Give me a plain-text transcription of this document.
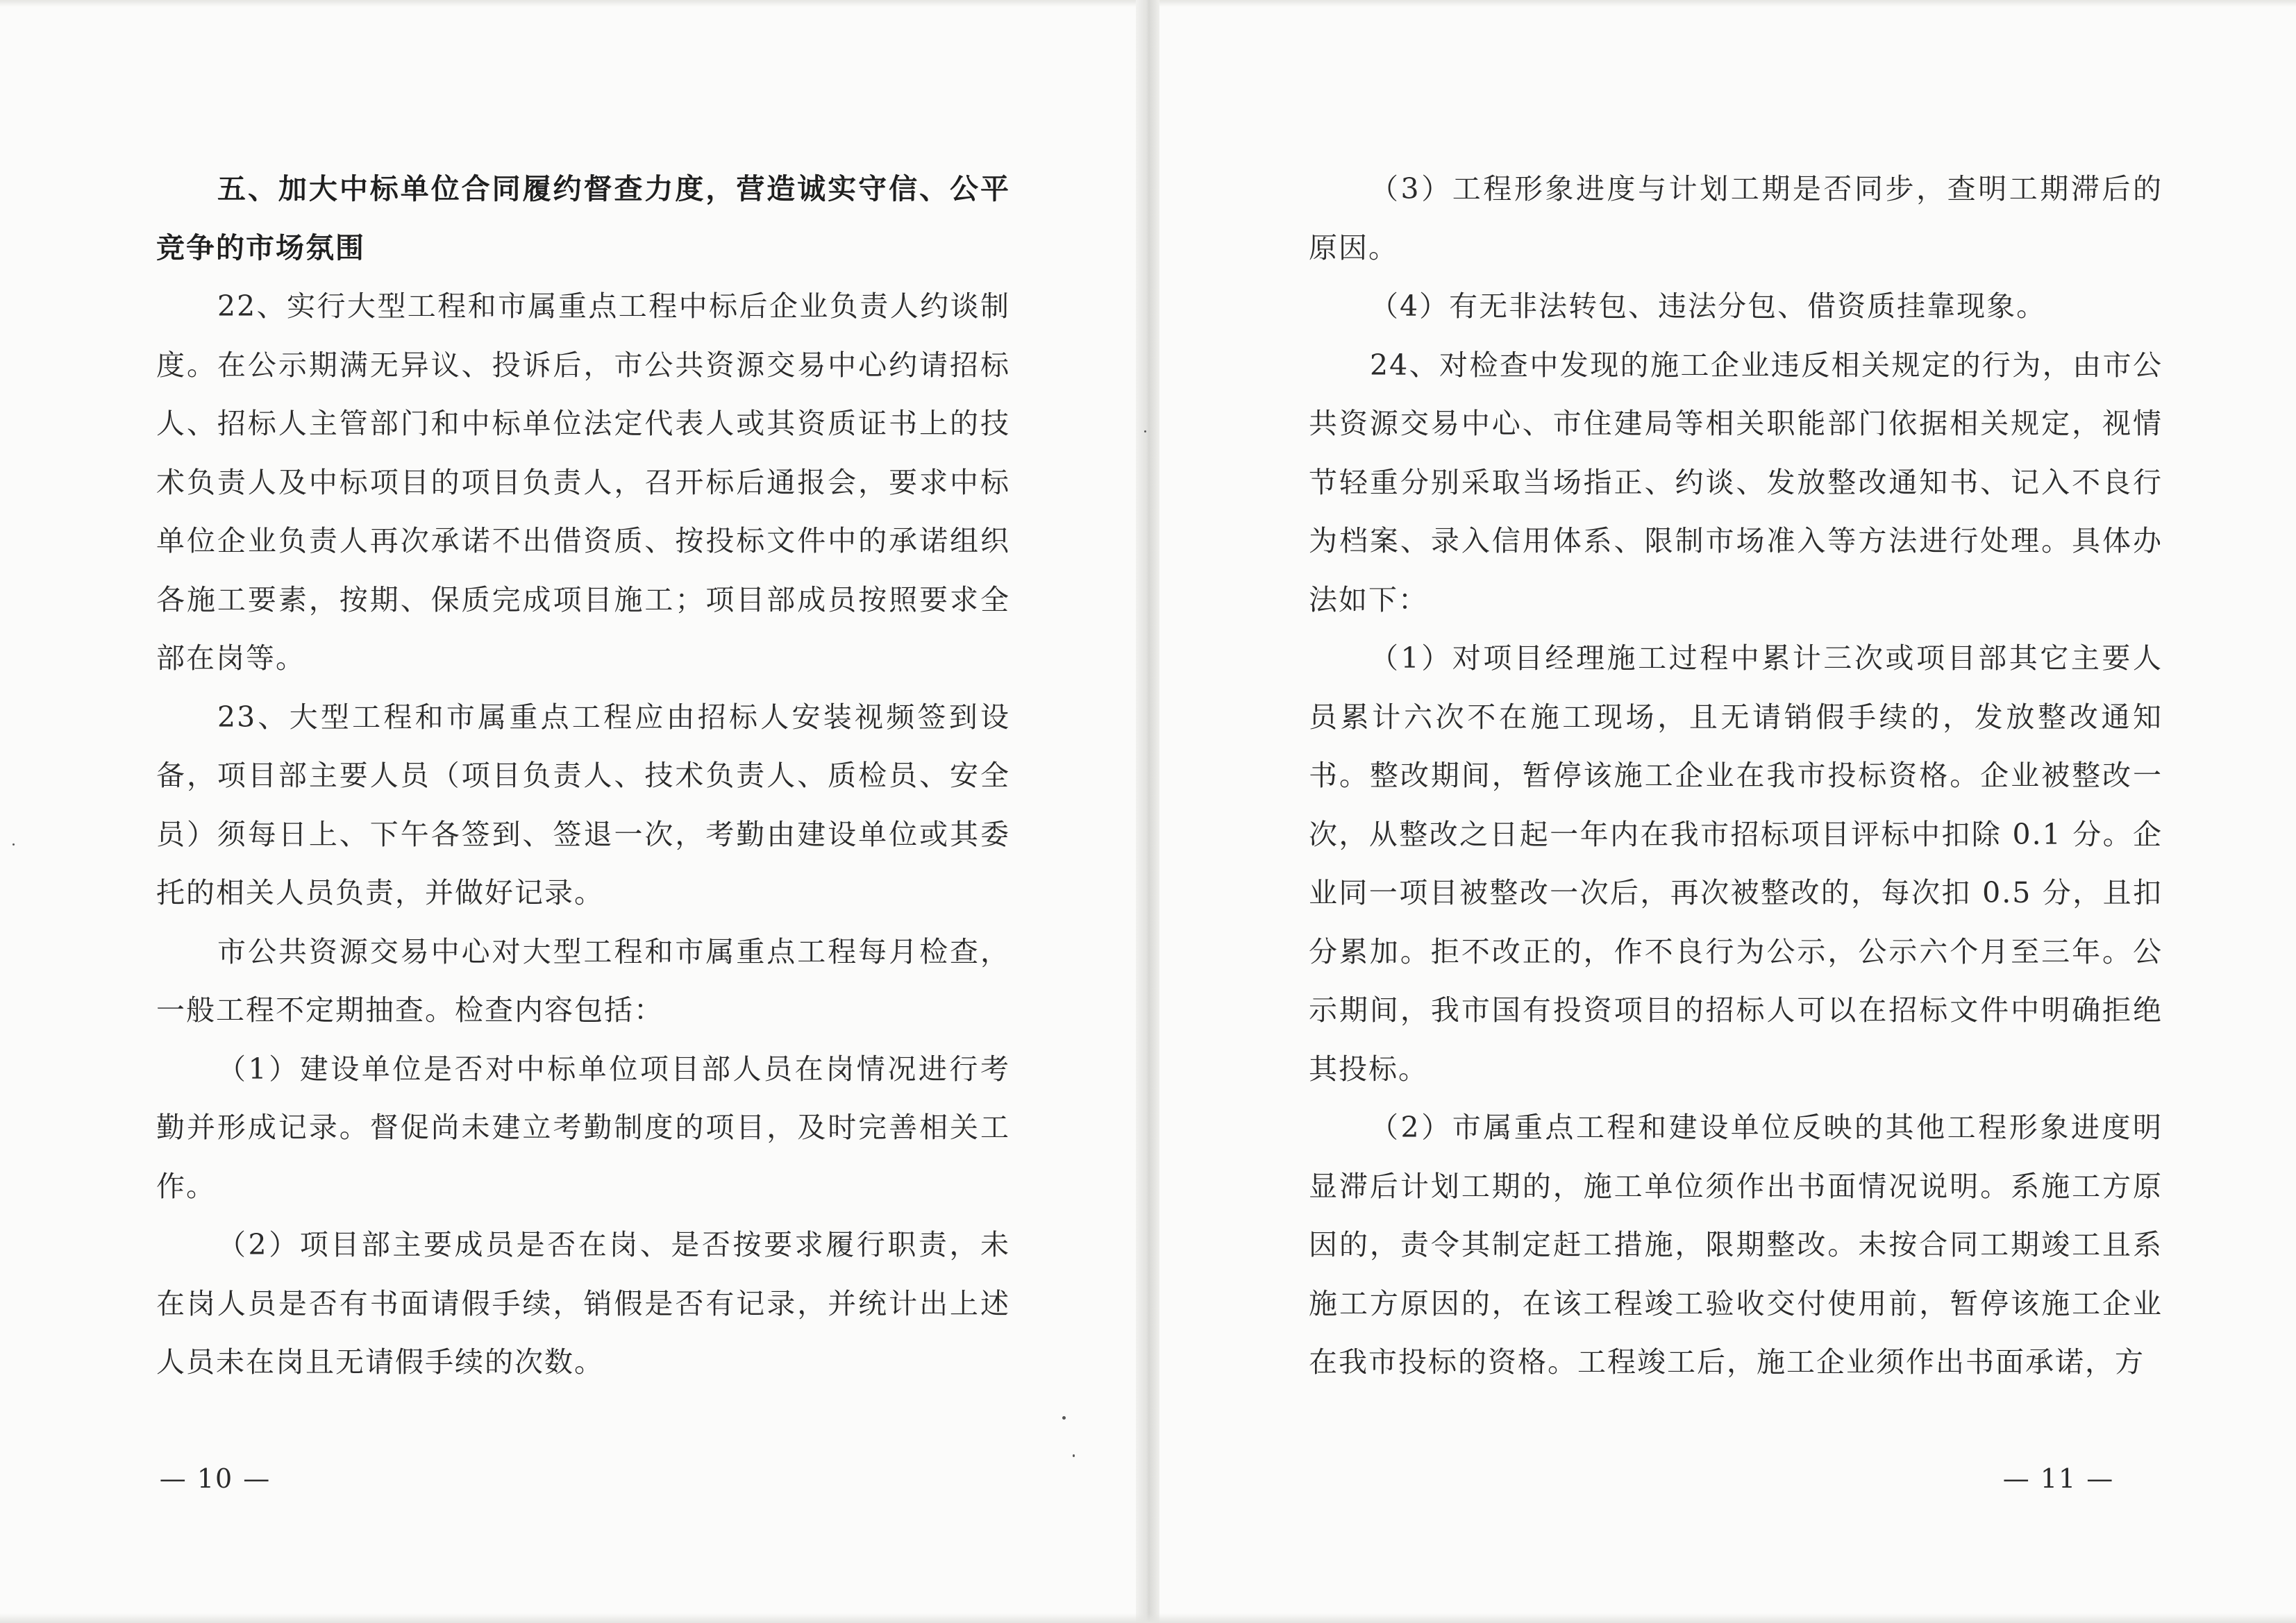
五、加大中标单位合同履约督查力度，营造诚实守信、公平竞争的市场氛围

22、实行大型工程和市属重点工程中标后企业负责人约谈制度。在公示期满无异议、投诉后，市公共资源交易中心约请招标人、招标人主管部门和中标单位法定代表人或其资质证书上的技术负责人及中标项目的项目负责人，召开标后通报会，要求中标单位企业负责人再次承诺不出借资质、按投标文件中的承诺组织各施工要素，按期、保质完成项目施工；项目部成员按照要求全部在岗等。

23、大型工程和市属重点工程应由招标人安装视频签到设备，项目部主要人员（项目负责人、技术负责人、质检员、安全员）须每日上、下午各签到、签退一次，考勤由建设单位或其委托的相关人员负责，并做好记录。

市公共资源交易中心对大型工程和市属重点工程每月检查，一般工程不定期抽查。检查内容包括：

（1）建设单位是否对中标单位项目部人员在岗情况进行考勤并形成记录。督促尚未建立考勤制度的项目，及时完善相关工作。

（2）项目部主要成员是否在岗、是否按要求履行职责，未在岗人员是否有书面请假手续，销假是否有记录，并统计出上述人员未在岗且无请假手续的次数。

— 10 —

（3）工程形象进度与计划工期是否同步，查明工期滞后的原因。

（4）有无非法转包、违法分包、借资质挂靠现象。

24、对检查中发现的施工企业违反相关规定的行为，由市公共资源交易中心、市住建局等相关职能部门依据相关规定，视情节轻重分别采取当场指正、约谈、发放整改通知书、记入不良行为档案、录入信用体系、限制市场准入等方法进行处理。具体办法如下：

（1）对项目经理施工过程中累计三次或项目部其它主要人员累计六次不在施工现场，且无请销假手续的，发放整改通知书。整改期间，暂停该施工企业在我市投标资格。企业被整改一次，从整改之日起一年内在我市招标项目评标中扣除 0.1 分。企业同一项目被整改一次后，再次被整改的，每次扣 0.5 分，且扣分累加。拒不改正的，作不良行为公示，公示六个月至三年。公示期间，我市国有投资项目的招标人可以在招标文件中明确拒绝其投标。

（2）市属重点工程和建设单位反映的其他工程形象进度明显滞后计划工期的，施工单位须作出书面情况说明。系施工方原因的，责令其制定赶工措施，限期整改。未按合同工期竣工且系施工方原因的，在该工程竣工验收交付使用前，暂停该施工企业在我市投标的资格。工程竣工后，施工企业须作出书面承诺，方

— 11 —
